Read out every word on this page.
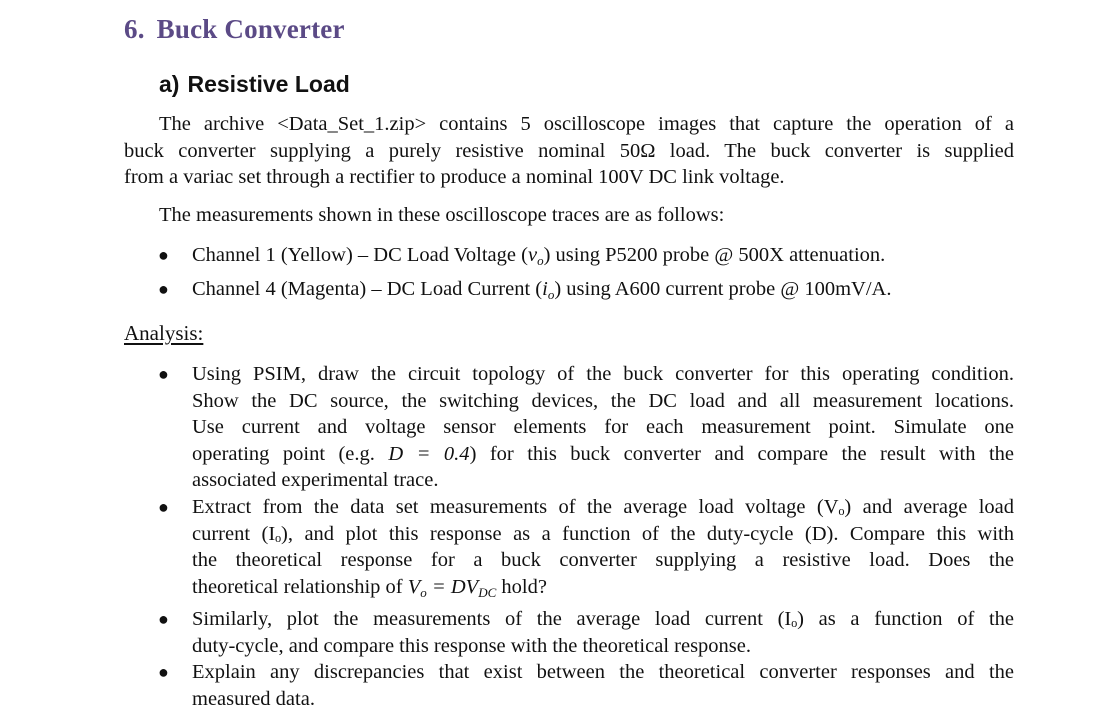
6. Buck Converter
a) Resistive Load
The archive <Data_Set_1.zip> contains 5 oscilloscope images that capture the operation of a
buck converter supplying a purely resistive nominal 50Ω load. The buck converter is supplied
from a variac set through a rectifier to produce a nominal 100V DC link voltage.
The measurements shown in these oscilloscope traces are as follows:
● Channel 1 (Yellow) – DC Load Voltage $(v_o)$ using P5200 probe @ 500X attenuation.
● Channel 4 (Magenta) – DC Load Current $(i_o)$ using A600 current probe @ 100mV/A.
Analysis:
● Using PSIM, draw the circuit topology of the buck converter for this operating condition.
Show the DC source, the switching devices, the DC load and all measurement locations.
Use current and voltage sensor elements for each measurement point. Simulate one
operating point (e.g. D = 0.4) for this buck converter and compare the result with the
associated experimental trace.
● Extract from the data set measurements of the average load voltage (Vₒ) and average load
current (Iₒ), and plot this response as a function of the duty-cycle (D). Compare this with
the theoretical response for a buck converter supplying a resistive load. Does the
theoretical relationship of $V_o = DV_{DC}$ hold?
● Similarly, plot the measurements of the average load current (Iₒ) as a function of the
duty-cycle, and compare this response with the theoretical response.
● Explain any discrepancies that exist between the theoretical converter responses and the
measured data.
